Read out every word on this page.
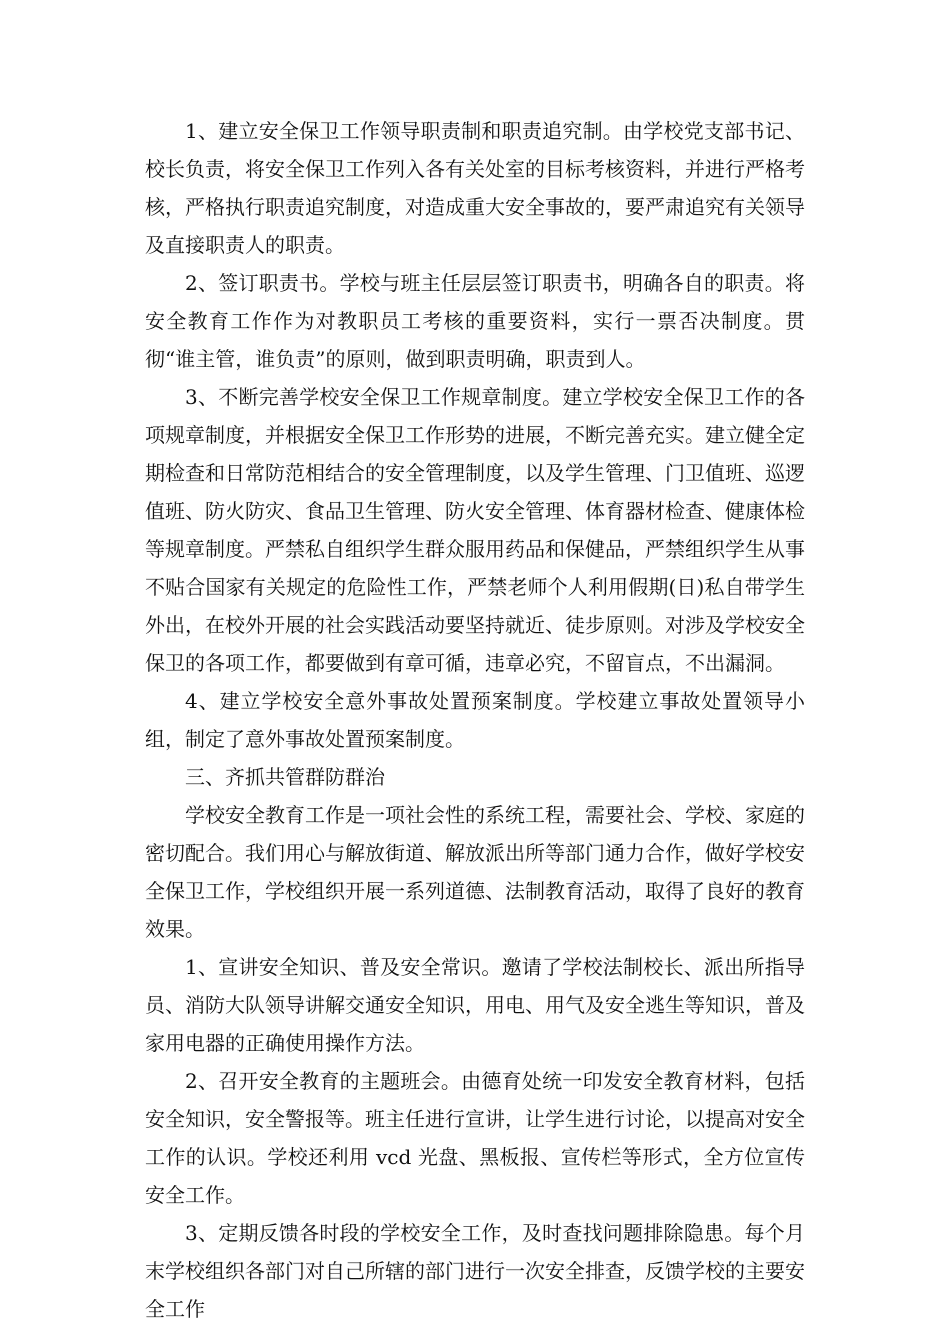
1、建立安全保卫工作领导职责制和职责追究制。由学校党支部书记、校长负责，将安全保卫工作列入各有关处室的目标考核资料，并进行严格考核，严格执行职责追究制度，对造成重大安全事故的，要严肃追究有关领导及直接职责人的职责。

2、签订职责书。学校与班主任层层签订职责书，明确各自的职责。将安全教育工作作为对教职员工考核的重要资料，实行一票否决制度。贯彻“谁主管，谁负责”的原则，做到职责明确，职责到人。

3、不断完善学校安全保卫工作规章制度。建立学校安全保卫工作的各项规章制度，并根据安全保卫工作形势的进展，不断完善充实。建立健全定期检查和日常防范相结合的安全管理制度，以及学生管理、门卫值班、巡逻值班、防火防灾、食品卫生管理、防火安全管理、体育器材检查、健康体检等规章制度。严禁私自组织学生群众服用药品和保健品，严禁组织学生从事不贴合国家有关规定的危险性工作，严禁老师个人利用假期(日)私自带学生外出，在校外开展的社会实践活动要坚持就近、徒步原则。对涉及学校安全保卫的各项工作，都要做到有章可循，违章必究，不留盲点，不出漏洞。

4、建立学校安全意外事故处置预案制度。学校建立事故处置领导小组，制定了意外事故处置预案制度。

三、齐抓共管群防群治

学校安全教育工作是一项社会性的系统工程，需要社会、学校、家庭的密切配合。我们用心与解放街道、解放派出所等部门通力合作，做好学校安全保卫工作，学校组织开展一系列道德、法制教育活动，取得了良好的教育效果。

1、宣讲安全知识、普及安全常识。邀请了学校法制校长、派出所指导员、消防大队领导讲解交通安全知识，用电、用气及安全逃生等知识，普及家用电器的正确使用操作方法。

2、召开安全教育的主题班会。由德育处统一印发安全教育材料，包括安全知识，安全警报等。班主任进行宣讲，让学生进行讨论，以提高对安全工作的认识。学校还利用 vcd 光盘、黑板报、宣传栏等形式，全方位宣传安全工作。

3、定期反馈各时段的学校安全工作，及时查找问题排除隐患。每个月末学校组织各部门对自己所辖的部门进行一次安全排查，反馈学校的主要安全工作
